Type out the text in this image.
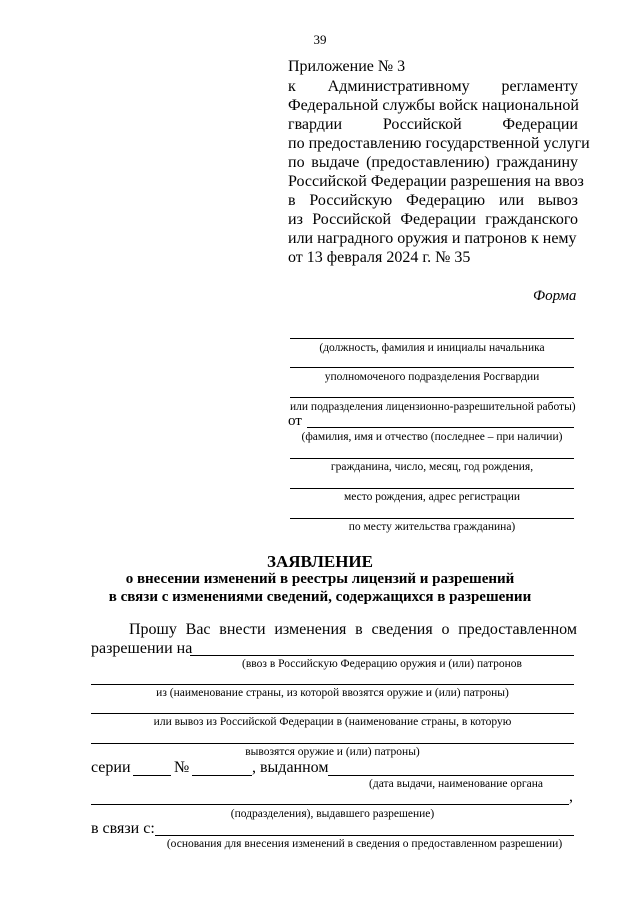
39
Приложение № 3
к Административному регламенту
Федеральной службы войск национальной
гвардии Российской Федерации
по предоставлению государственной услуги
по выдаче (предоставлению) гражданину
Российской Федерации разрешения на ввоз
в Российскую Федерацию или вывоз
из Российской Федерации гражданского
или наградного оружия и патронов к нему
от 13 февраля 2024 г. № 35
Форма
(должность, фамилия и инициалы начальника
уполномоченого подразделения Росгвардии
или подразделения лицензионно-разрешительной работы)
от
(фамилия, имя и отчество (последнее – при наличии)
гражданина, число, месяц, год рождения,
место рождения, адрес регистрации
по месту жительства гражданина)
ЗАЯВЛЕНИЕ
о внесении изменений в реестры лицензий и разрешений
в связи с изменениями сведений, содержащихся в разрешении
Прошу Вас внести изменения в сведения о предоставленном
разрешении на
(ввоз в Российскую Федерацию оружия и (или) патронов
из (наименование страны, из которой ввозятся оружие и (или) патроны)
или вывоз из Российской Федерации в (наименование страны, в которую
вывозятся оружие и (или) патроны)
серии	№	, выданном
(дата выдачи, наименование органа
,
(подразделения), выдавшего разрешение)
в связи с:
(основания для внесения изменений в сведения о предоставленном разрешении)
